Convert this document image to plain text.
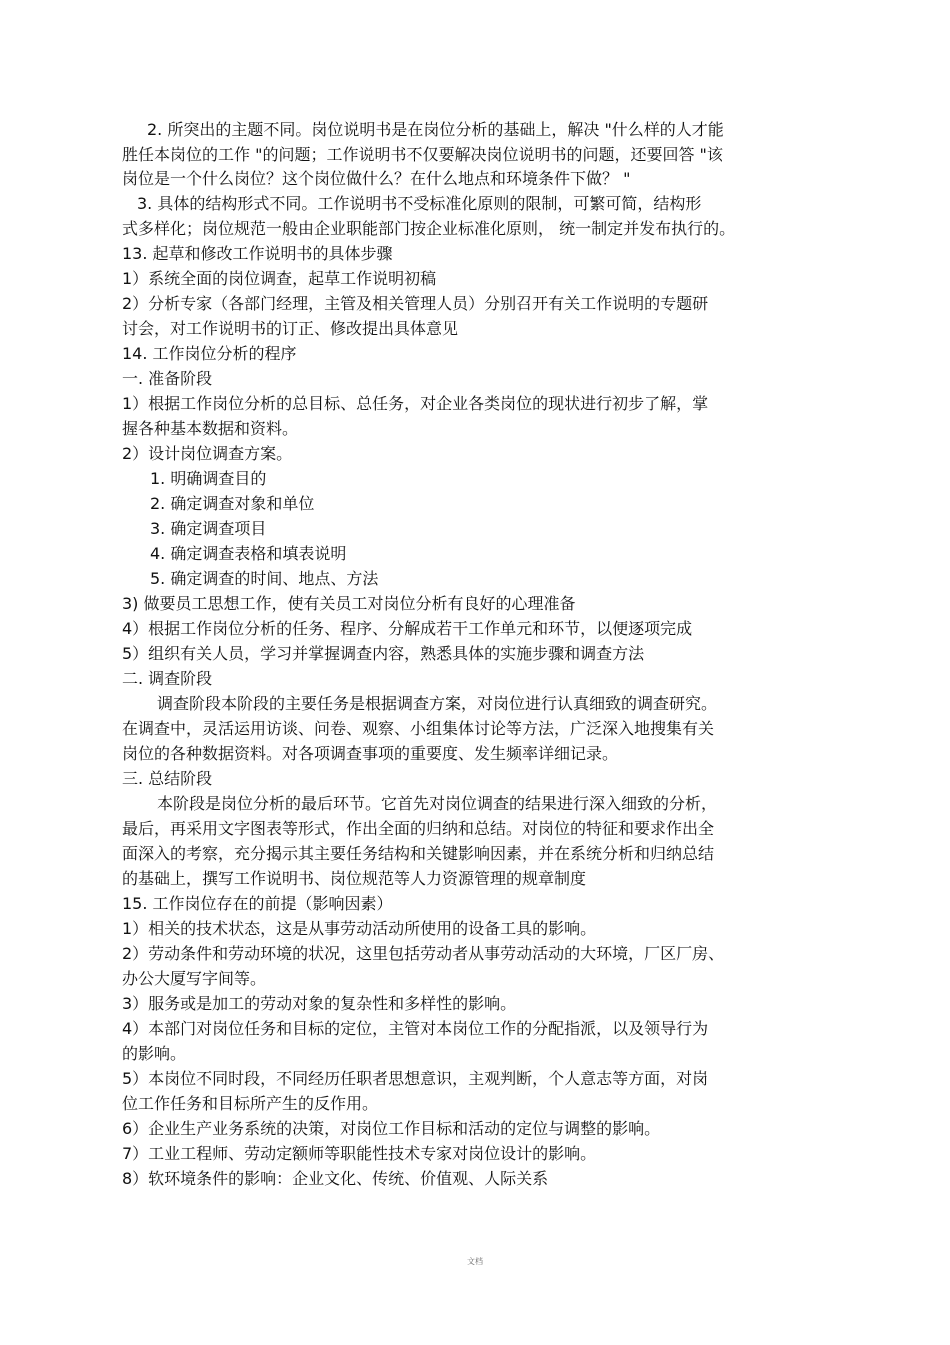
2. 所突出的主题不同。岗位说明书是在岗位分析的基础上，解决 "什么样的人才能
胜任本岗位的工作 "的问题；工作说明书不仅要解决岗位说明书的问题，还要回答 "该
岗位是一个什么岗位？这个岗位做什么？在什么地点和环境条件下做？ "
3. 具体的结构形式不同。工作说明书不受标准化原则的限制，可繁可简，结构形
式多样化；岗位规范一般由企业职能部门按企业标准化原则， 统一制定并发布执行的。
13. 起草和修改工作说明书的具体步骤
1）系统全面的岗位调查，起草工作说明初稿
2）分析专家（各部门经理，主管及相关管理人员）分别召开有关工作说明的专题研
讨会，对工作说明书的订正、修改提出具体意见
14. 工作岗位分析的程序
一. 准备阶段
1）根据工作岗位分析的总目标、总任务，对企业各类岗位的现状进行初步了解，掌
握各种基本数据和资料。
2）设计岗位调查方案。
1. 明确调查目的
2. 确定调查对象和单位
3. 确定调查项目
4. 确定调查表格和填表说明
5. 确定调查的时间、地点、方法
3) 做要员工思想工作，使有关员工对岗位分析有良好的心理准备
4）根据工作岗位分析的任务、程序、分解成若干工作单元和环节，以便逐项完成
5）组织有关人员，学习并掌握调查内容，熟悉具体的实施步骤和调查方法
二. 调查阶段
调查阶段本阶段的主要任务是根据调查方案，对岗位进行认真细致的调查研究。
在调查中，灵活运用访谈、问卷、观察、小组集体讨论等方法，广泛深入地搜集有关
岗位的各种数据资料。对各项调查事项的重要度、发生频率详细记录。
三. 总结阶段
本阶段是岗位分析的最后环节。它首先对岗位调查的结果进行深入细致的分析，
最后，再采用文字图表等形式，作出全面的归纳和总结。对岗位的特征和要求作出全
面深入的考察，充分揭示其主要任务结构和关键影响因素，并在系统分析和归纳总结
的基础上，撰写工作说明书、岗位规范等人力资源管理的规章制度
15. 工作岗位存在的前提（影响因素）
1）相关的技术状态，这是从事劳动活动所使用的设备工具的影响。
2）劳动条件和劳动环境的状况，这里包括劳动者从事劳动活动的大环境，厂区厂房、
办公大厦写字间等。
3）服务或是加工的劳动对象的复杂性和多样性的影响。
4）本部门对岗位任务和目标的定位，主管对本岗位工作的分配指派，以及领导行为
的影响。
5）本岗位不同时段，不同经历任职者思想意识，主观判断，个人意志等方面，对岗
位工作任务和目标所产生的反作用。
6）企业生产业务系统的决策，对岗位工作目标和活动的定位与调整的影响。
7）工业工程师、劳动定额师等职能性技术专家对岗位设计的影响。
8）软环境条件的影响：企业文化、传统、价值观、人际关系
文档
